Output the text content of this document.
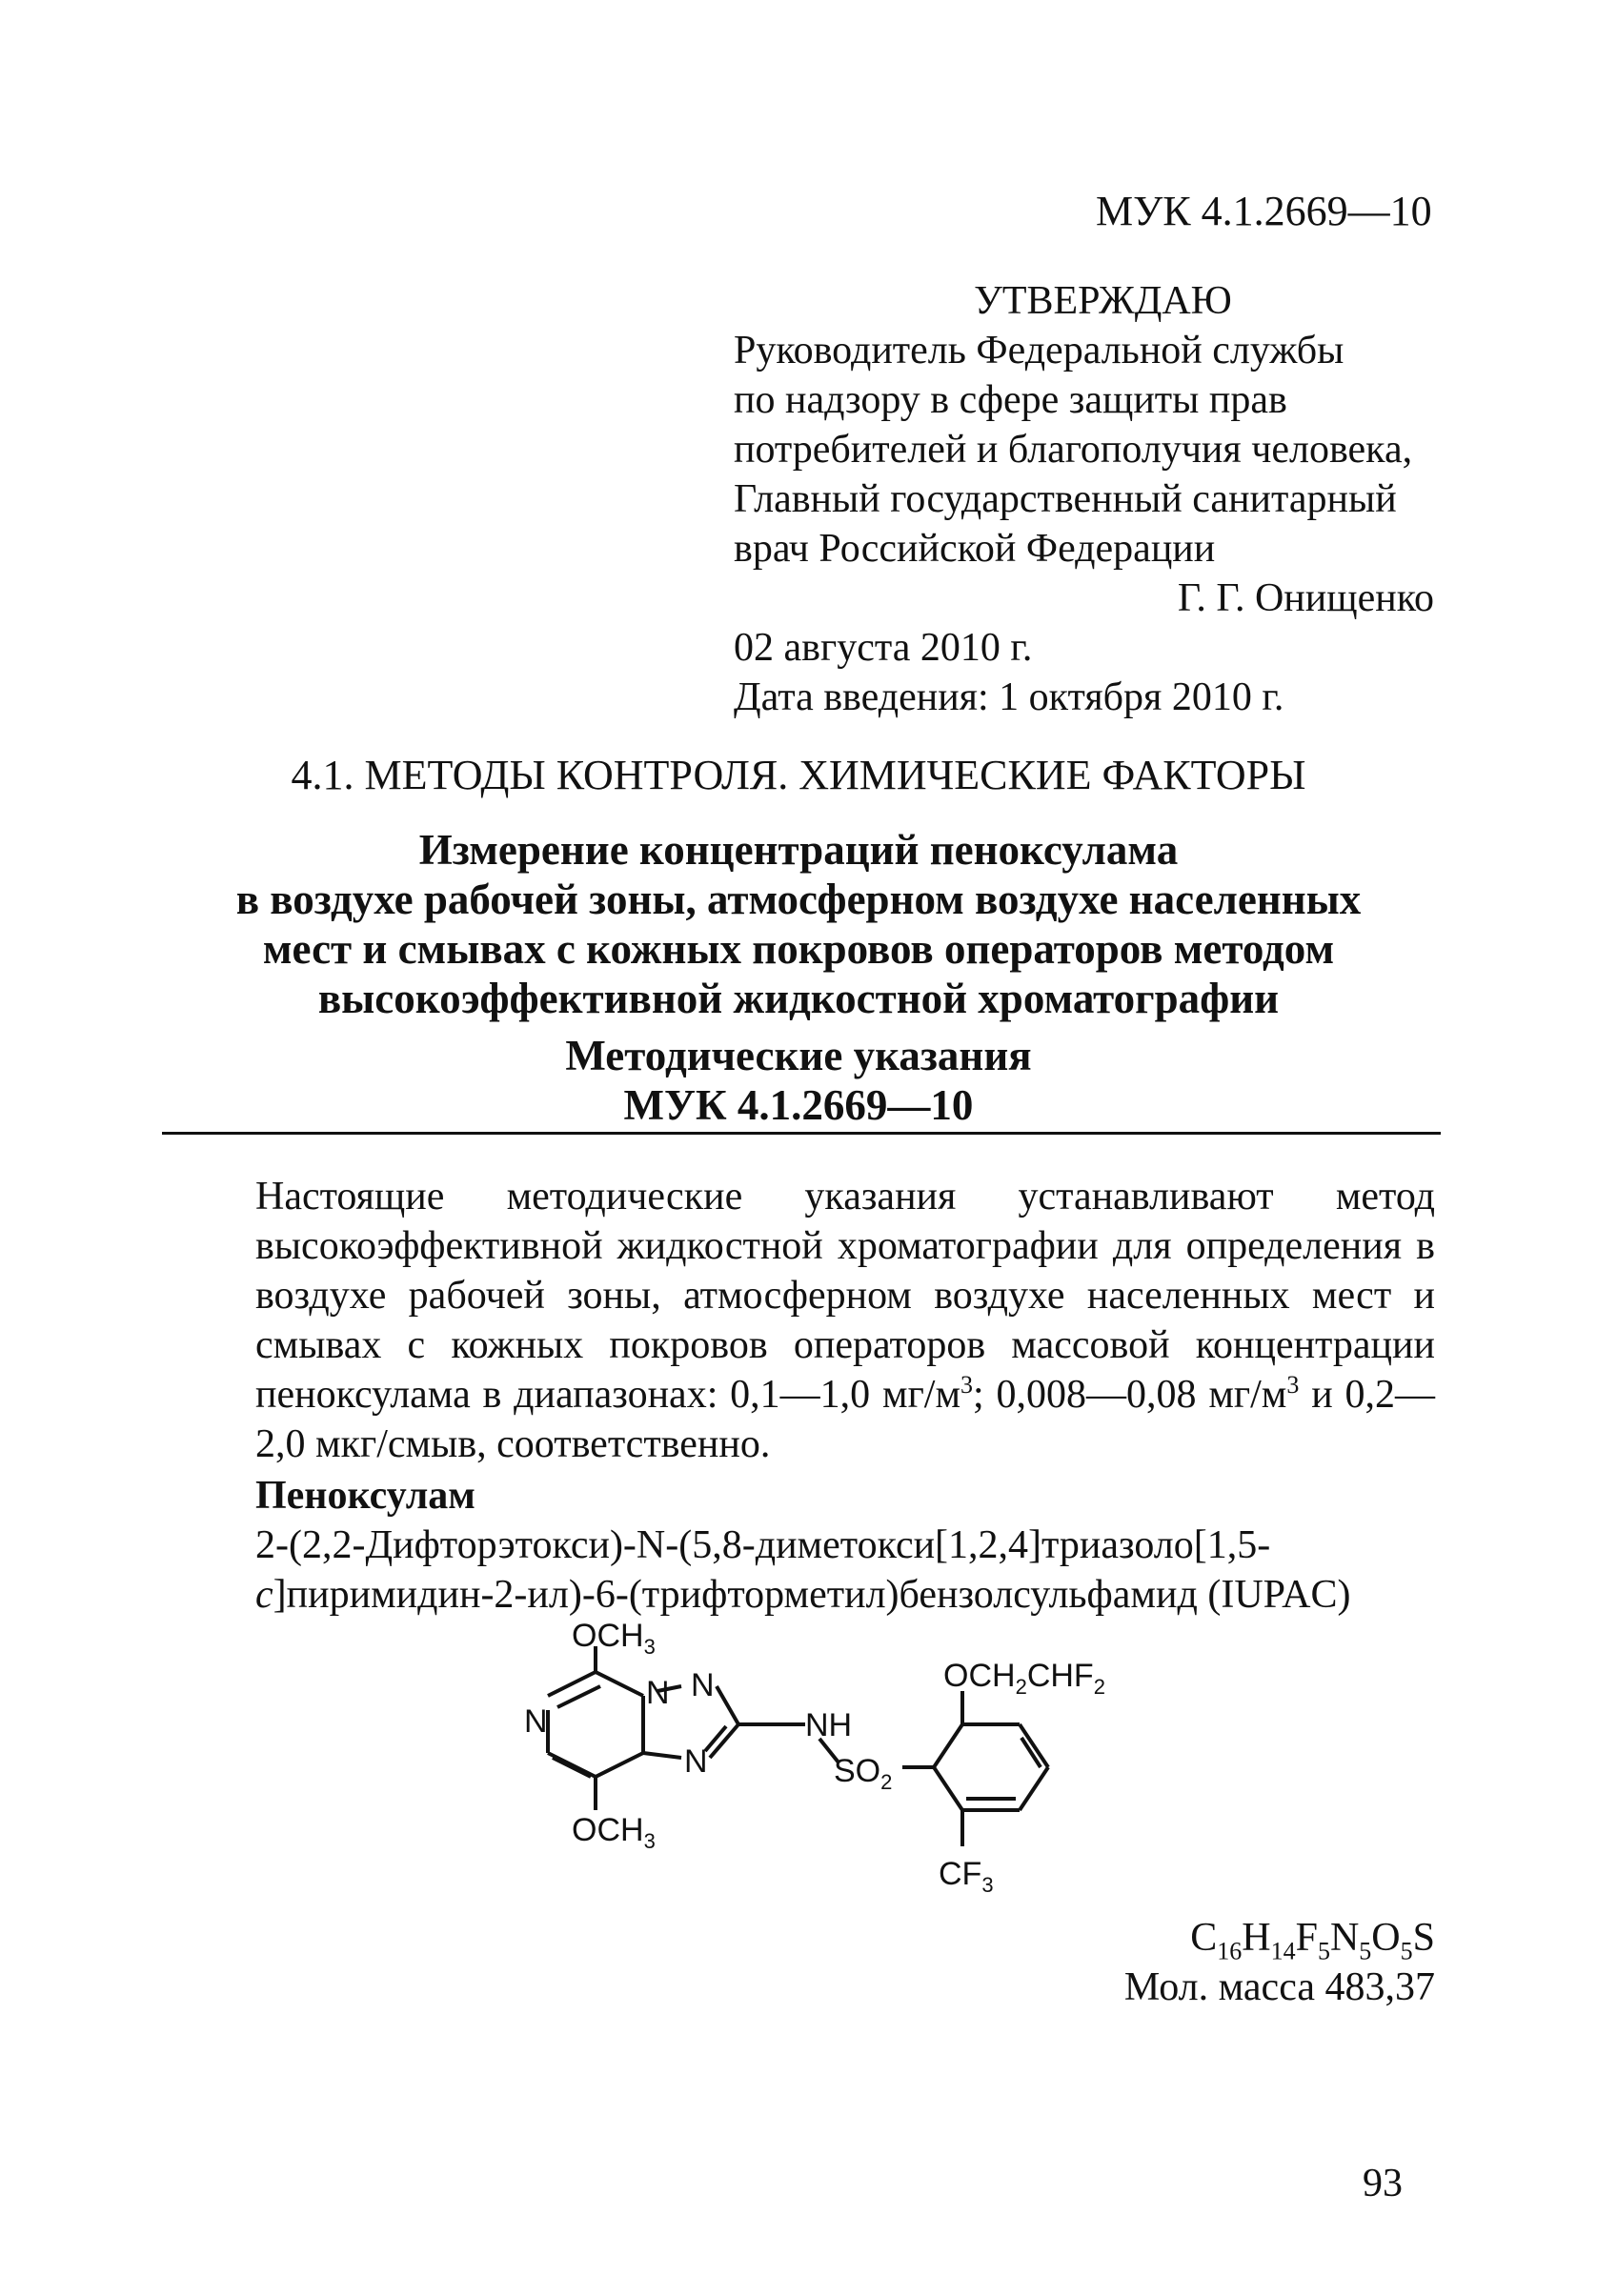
МУК 4.1.2669—10
УТВЕРЖДАЮ
Руководитель Федеральной службы
по надзору в сфере защиты прав
потребителей и благополучия человека,
Главный государственный санитарный
врач Российской Федерации
Г. Г. Онищенко
02 августа 2010 г.
Дата введения: 1 октября 2010 г.
4.1. МЕТОДЫ КОНТРОЛЯ. ХИМИЧЕСКИЕ ФАКТОРЫ
Измерение концентраций пеноксулама
в воздухе рабочей зоны, атмосферном воздухе населенных
мест и смывах с кожных покровов операторов методом
высокоэффективной жидкостной хроматографии
Методические указания
МУК 4.1.2669—10

Настоящие методические указания устанавливают метод высокоэффективной жидкостной хроматографии для определения в воздухе рабочей зоны, атмосферном воздухе населенных мест и смывах с кожных покровов операторов массовой концентрации пеноксулама в диапазонах: 0,1—1,0 $мг/м^3$; 0,008—0,08 $мг/м^3$ и 0,2—2,0 мкг/смыв, соответственно.

Пеноксулам

2-(2,2-Дифторэтокси)-N-(5,8-диметокси[1,2,4]триазоло[1,5-c]пиримидин-2-ил)-6-(трифторметил)бензолсульфамид (IUPAC)

$OCH_3$
$OCH_3$
N
N N
N
NH
$SO_2$
$OCH_2CHF_2$
$CF_3$
$C_{16}H_{14}F_5N_5O_5S$
Мол. масса 483,37
93
